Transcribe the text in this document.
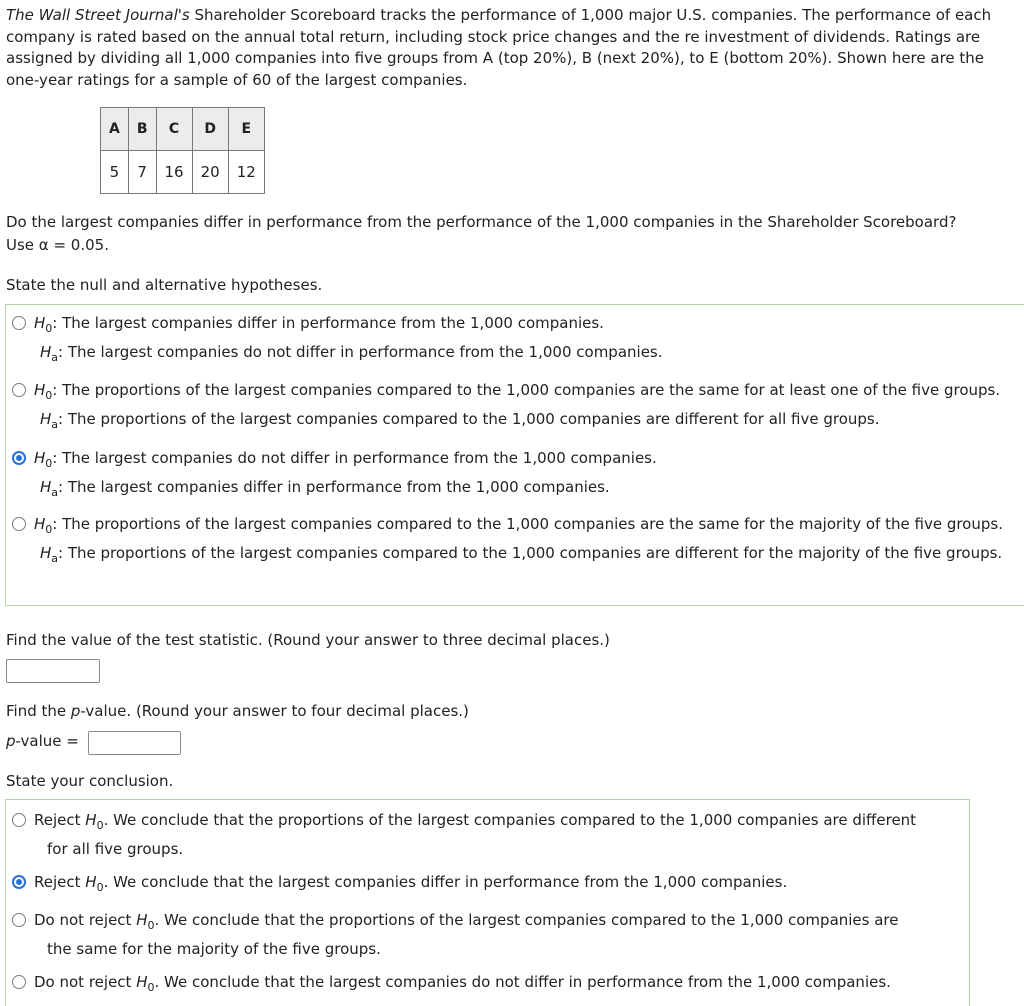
The Wall Street Journal's Shareholder Scoreboard tracks the performance of 1,000 major U.S. companies. The performance of each company is rated based on the annual total return, including stock price changes and the re investment of dividends. Ratings are assigned by dividing all 1,000 companies into five groups from A (top 20%), B (next 20%), to E (bottom 20%). Shown here are the one-year ratings for a sample of 60 of the largest companies.
A	B	C	D	E
5	7	16	20	12
Do the largest companies differ in performance from the performance of the 1,000 companies in the Shareholder Scoreboard?
Use α = 0.05.
State the null and alternative hypotheses.
$H_0$: The largest companies differ in performance from the 1,000 companies.
$H_a$: The largest companies do not differ in performance from the 1,000 companies.
$H_0$: The proportions of the largest companies compared to the 1,000 companies are the same for at least one of the five groups.
$H_a$: The proportions of the largest companies compared to the 1,000 companies are different for all five groups.
$H_0$: The largest companies do not differ in performance from the 1,000 companies.
$H_a$: The largest companies differ in performance from the 1,000 companies.
$H_0$: The proportions of the largest companies compared to the 1,000 companies are the same for the majority of the five groups.
$H_a$: The proportions of the largest companies compared to the 1,000 companies are different for the majority of the five groups.
Find the value of the test statistic. (Round your answer to three decimal places.)
Find the p-value. (Round your answer to four decimal places.)
p-value =
State your conclusion.
Reject $H_0$. We conclude that the proportions of the largest companies compared to the 1,000 companies are different
for all five groups.
Reject $H_0$. We conclude that the largest companies differ in performance from the 1,000 companies.
Do not reject $H_0$. We conclude that the proportions of the largest companies compared to the 1,000 companies are
the same for the majority of the five groups.
Do not reject $H_0$. We conclude that the largest companies do not differ in performance from the 1,000 companies.
